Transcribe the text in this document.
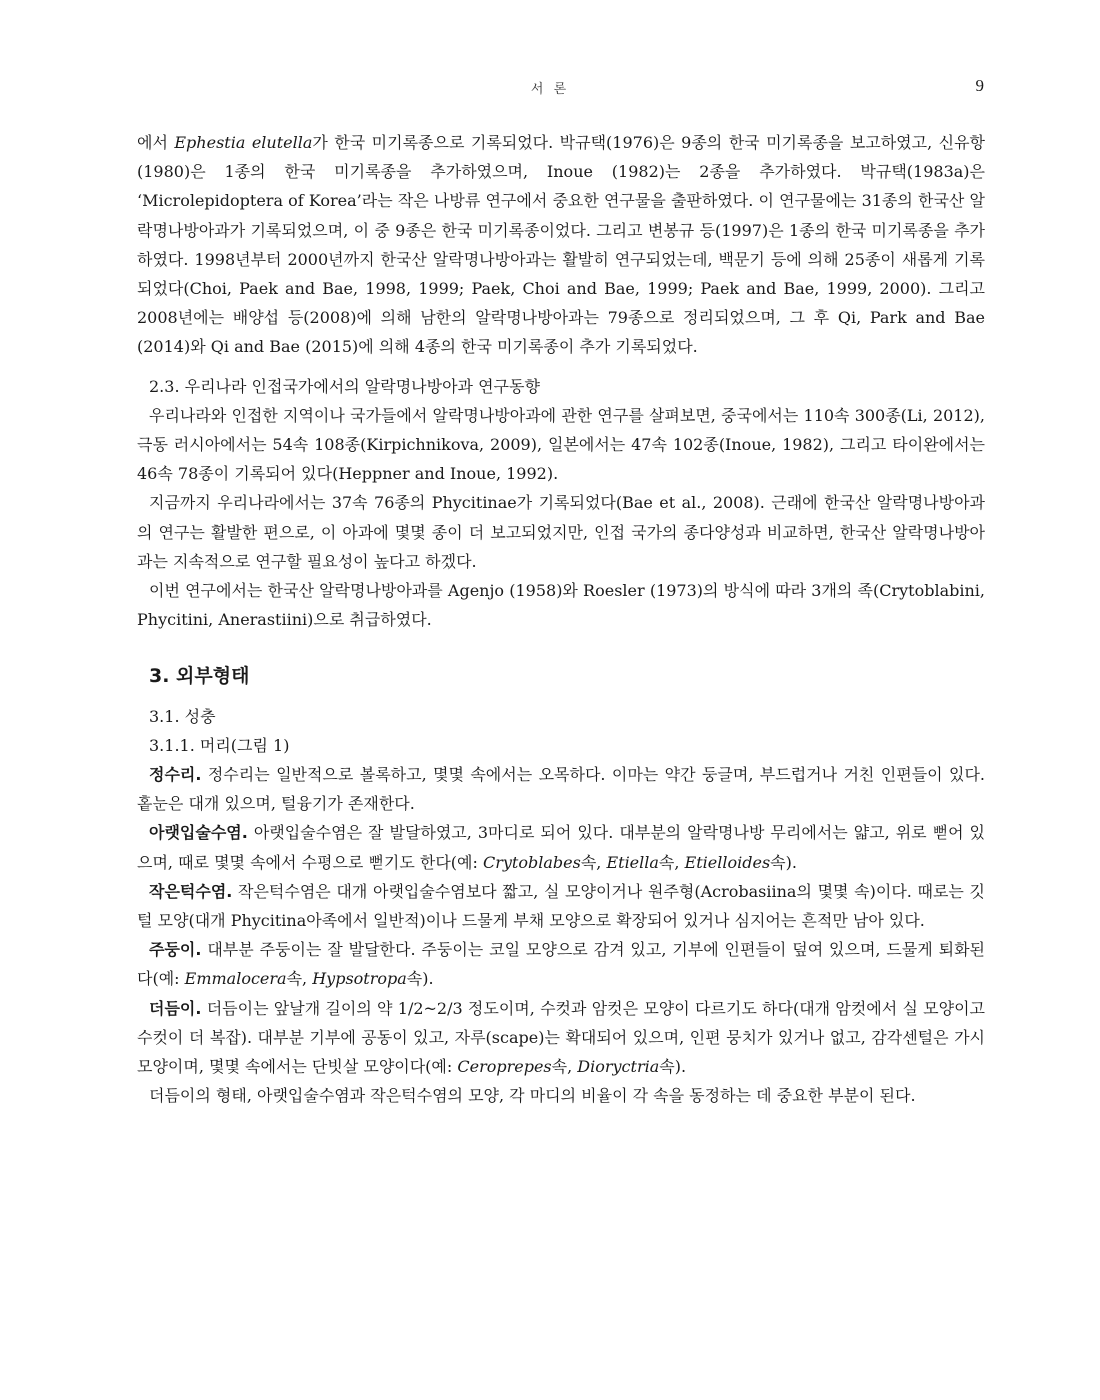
서 론	9

에서 Ephestia elutella가 한국 미기록종으로 기록되었다. 박규택(1976)은 9종의 한국 미기록종을 보고하였고, 신유항(1980)은 1종의 한국 미기록종을 추가하였으며, Inoue (1982)는 2종을 추가하였다. 박규택(1983a)은 ‘Microlepidoptera of Korea’라는 작은 나방류 연구에서 중요한 연구물을 출판하였다. 이 연구물에는 31종의 한국산 알락명나방아과가 기록되었으며, 이 중 9종은 한국 미기록종이었다. 그리고 변봉규 등(1997)은 1종의 한국 미기록종을 추가하였다. 1998년부터 2000년까지 한국산 알락명나방아과는 활발히 연구되었는데, 백문기 등에 의해 25종이 새롭게 기록되었다(Choi, Paek and Bae, 1998, 1999; Paek, Choi and Bae, 1999; Paek and Bae, 1999, 2000). 그리고 2008년에는 배양섭 등(2008)에 의해 남한의 알락명나방아과는 79종으로 정리되었으며, 그 후 Qi, Park and Bae (2014)와 Qi and Bae (2015)에 의해 4종의 한국 미기록종이 추가 기록되었다.

2.3. 우리나라 인접국가에서의 알락명나방아과 연구동향

우리나라와 인접한 지역이나 국가들에서 알락명나방아과에 관한 연구를 살펴보면, 중국에서는 110속 300종(Li, 2012), 극동 러시아에서는 54속 108종(Kirpichnikova, 2009), 일본에서는 47속 102종(Inoue, 1982), 그리고 타이완에서는 46속 78종이 기록되어 있다(Heppner and Inoue, 1992).

지금까지 우리나라에서는 37속 76종의 Phycitinae가 기록되었다(Bae et al., 2008). 근래에 한국산 알락명나방아과의 연구는 활발한 편으로, 이 아과에 몇몇 종이 더 보고되었지만, 인접 국가의 종다양성과 비교하면, 한국산 알락명나방아과는 지속적으로 연구할 필요성이 높다고 하겠다.

이번 연구에서는 한국산 알락명나방아과를 Agenjo (1958)와 Roesler (1973)의 방식에 따라 3개의 족(Crytoblabini, Phycitini, Anerastiini)으로 취급하였다.

3. 외부형태

3.1. 성충

3.1.1. 머리(그림 1)

정수리. 정수리는 일반적으로 볼록하고, 몇몇 속에서는 오목하다. 이마는 약간 둥글며, 부드럽거나 거친 인편들이 있다. 홑눈은 대개 있으며, 털융기가 존재한다.

아랫입술수염. 아랫입술수염은 잘 발달하였고, 3마디로 되어 있다. 대부분의 알락명나방 무리에서는 얇고, 위로 뻗어 있으며, 때로 몇몇 속에서 수평으로 뻗기도 한다(예: Crytoblabes속, Etiella속, Etielloides속).

작은턱수염. 작은턱수염은 대개 아랫입술수염보다 짧고, 실 모양이거나 원주형(Acrobasiina의 몇몇 속)이다. 때로는 깃털 모양(대개 Phycitina아족에서 일반적)이나 드물게 부채 모양으로 확장되어 있거나 심지어는 흔적만 남아 있다.

주둥이. 대부분 주둥이는 잘 발달한다. 주둥이는 코일 모양으로 감겨 있고, 기부에 인편들이 덮여 있으며, 드물게 퇴화된다(예: Emmalocera속, Hypsotropa속).

더듬이. 더듬이는 앞날개 길이의 약 1/2~2/3 정도이며, 수컷과 암컷은 모양이 다르기도 하다(대개 암컷에서 실 모양이고 수컷이 더 복잡). 대부분 기부에 공동이 있고, 자루(scape)는 확대되어 있으며, 인편 뭉치가 있거나 없고, 감각센털은 가시 모양이며, 몇몇 속에서는 단빗살 모양이다(예: Ceroprepes속, Dioryctria속).

더듬이의 형태, 아랫입술수염과 작은턱수염의 모양, 각 마디의 비율이 각 속을 동정하는 데 중요한 부분이 된다.
